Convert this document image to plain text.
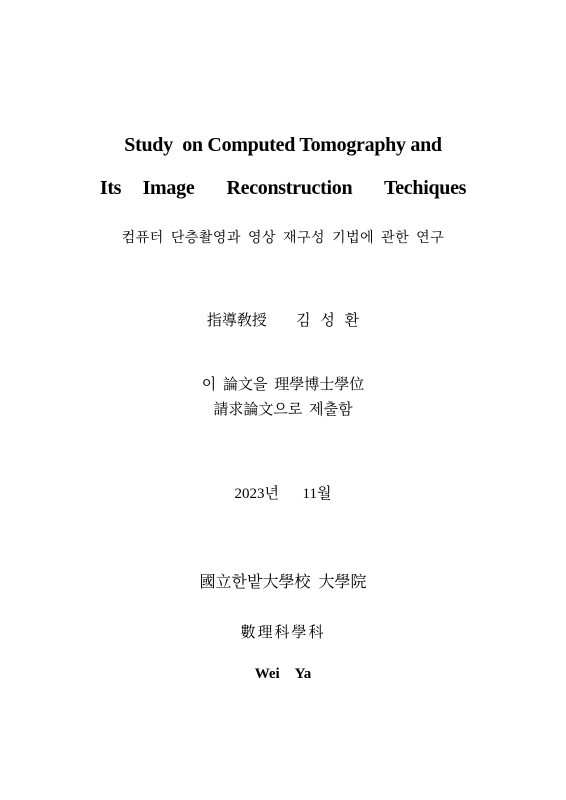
Study  on Computed Tomography and
Its  Image   Reconstruction   Techiques
컴퓨터 단층촬영과 영상 재구성 기법에 관한 연구
指導敎授   김 성 환
이 論文을 理學博士學位
請求論文으로 제출함
2023년  11월
國立한밭大學校 大學院
數理科學科
Wei  Ya
